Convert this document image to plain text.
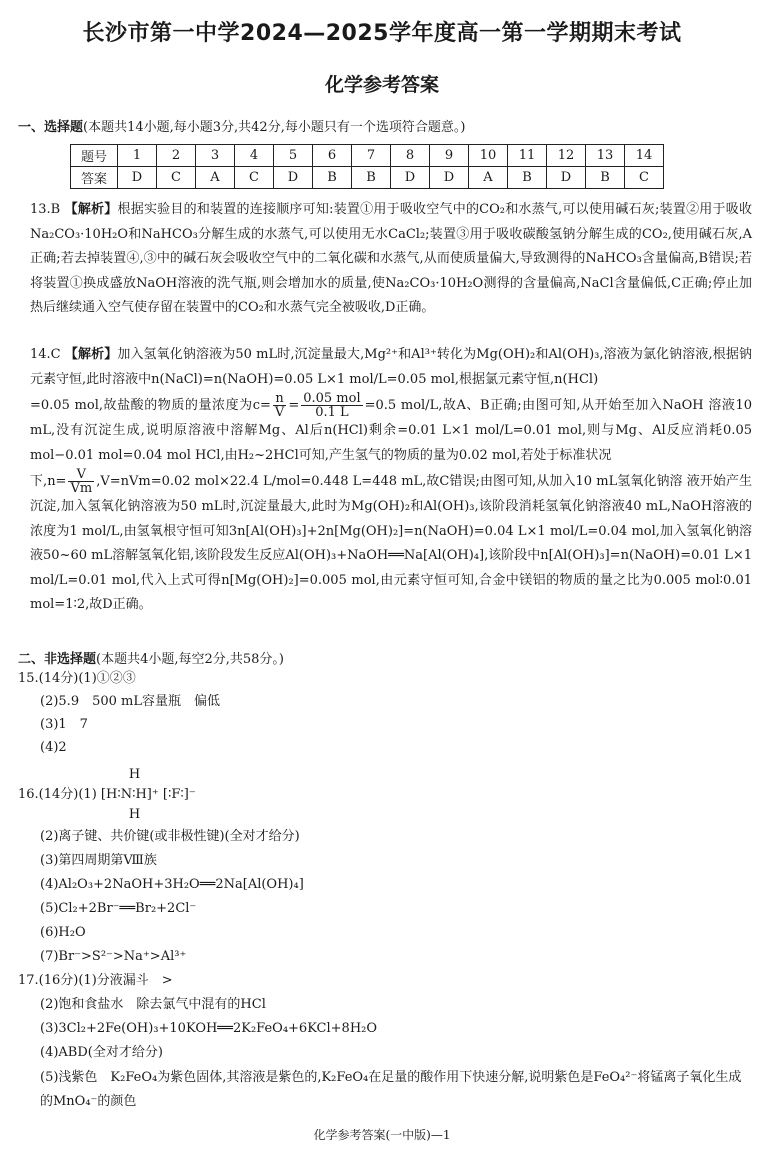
长沙市第一中学2024—2025学年度高一第一学期期末考试
化学参考答案
一、选择题(本题共14小题,每小题3分,共42分,每小题只有一个选项符合题意。)
题号	1	2	3	4	5	6	7	8	9	10	11	12	13	14
答案	D	C	A	C	D	B	B	D	D	A	B	D	B	C
13.B 【解析】根据实验目的和装置的连接顺序可知:装置①用于吸收空气中的CO₂和水蒸气,可以使用碱石灰;装置②用于吸收Na₂CO₃·10H₂O和NaHCO₃分解生成的水蒸气,可以使用无水CaCl₂;装置③用于吸收碳酸氢钠分解生成的CO₂,使用碱石灰,A正确;若去掉装置④,③中的碱石灰会吸收空气中的二氧化碳和水蒸气,从而使质量偏大,导致测得的NaHCO₃含量偏高,B错误;若将装置①换成盛放NaOH溶液的洗气瓶,则会增加水的质量,使Na₂CO₃·10H₂O测得的含量偏高,NaCl含量偏低,C正确;停止加热后继续通入空气使存留在装置中的CO₂和水蒸气完全被吸收,D正确。
14.C 【解析】加入氢氧化钠溶液为50 mL时,沉淀量最大,Mg²⁺和Al³⁺转化为Mg(OH)₂和Al(OH)₃,溶液为氯化钠溶液,根据钠元素守恒,此时溶液中n(NaCl)=n(NaOH)=0.05 L×1 mol/L=0.05 mol,根据氯元素守恒,n(HCl)
=0.05 mol,故盐酸的物质的量浓度为$c= \frac{n}{V} = \frac{\text{0.05 mol}}{0.1 L} =0.5$ mol/L,故A、B正确;由图可知,从开始至加入NaOH 溶液10 mL,没有沉淀生成,说明原溶液中溶解Mg、Al后n(HCl)剩余=0.01 L×1 mol/L=0.01 mol,则与Mg、Al反应消耗0.05 mol−0.01 mol=0.04 mol HCl,由H₂~2HCl可知,产生氢气的物质的量为0.02 mol,若处于标准状况
下$,n= \frac{V}{Vm} ,V=nVm=0.02$ mol×22.4 L/mol=0.448 L=448 mL,故C错误;由图可知,从加入10 mL氢氧化钠溶 液开始产生沉淀,加入氢氧化钠溶液为50 mL时,沉淀量最大,此时为Mg(OH)₂和Al(OH)₃,该阶段消耗氢氧化钠溶液40 mL,NaOH溶液的浓度为1 mol/L,由氢氧根守恒可知3n[Al(OH)₃]+2n[Mg(OH)₂]=n(NaOH)=0.04 L×1 mol/L=0.04 mol,加入氢氧化钠溶液50~60 mL溶解氢氧化铝,该阶段发生反应Al(OH)₃+NaOH══Na[Al(OH)₄],该阶段中n[Al(OH)₃]=n(NaOH)=0.01 L×1 mol/L=0.01 mol,代入上式可得n[Mg(OH)₂]=0.005 mol,由元素守恒可知,合金中镁铝的物质的量之比为0.005 mol∶0.01 mol=1∶2,故D正确。
二、非选择题(本题共4小题,每空2分,共58分。)
15.(14分)(1)①②③
(2)5.9　500 mL容量瓶　偏低
(3)1　7
(4)2
16.(14分)(1)
H
[H∶N∶H]⁺
H
[∶F∶]⁻
(2)离子键、共价键(或非极性键)(全对才给分)
(3)第四周期第Ⅷ族
(4)Al₂O₃+2NaOH+3H₂O══2Na[Al(OH)₄]
(5)Cl₂+2Br⁻══Br₂+2Cl⁻
(6)H₂O
(7)Br⁻>S²⁻>Na⁺>Al³⁺
17.(16分)(1)分液漏斗　>
(2)饱和食盐水　除去氯气中混有的HCl
(3)3Cl₂+2Fe(OH)₃+10KOH══2K₂FeO₄+6KCl+8H₂O
(4)ABD(全对才给分)
(5)浅紫色　K₂FeO₄为紫色固体,其溶液是紫色的,K₂FeO₄在足量的酸作用下快速分解,说明紫色是FeO₄²⁻将锰离子氧化生成的MnO₄⁻的颜色
化学参考答案(一中版)—1
